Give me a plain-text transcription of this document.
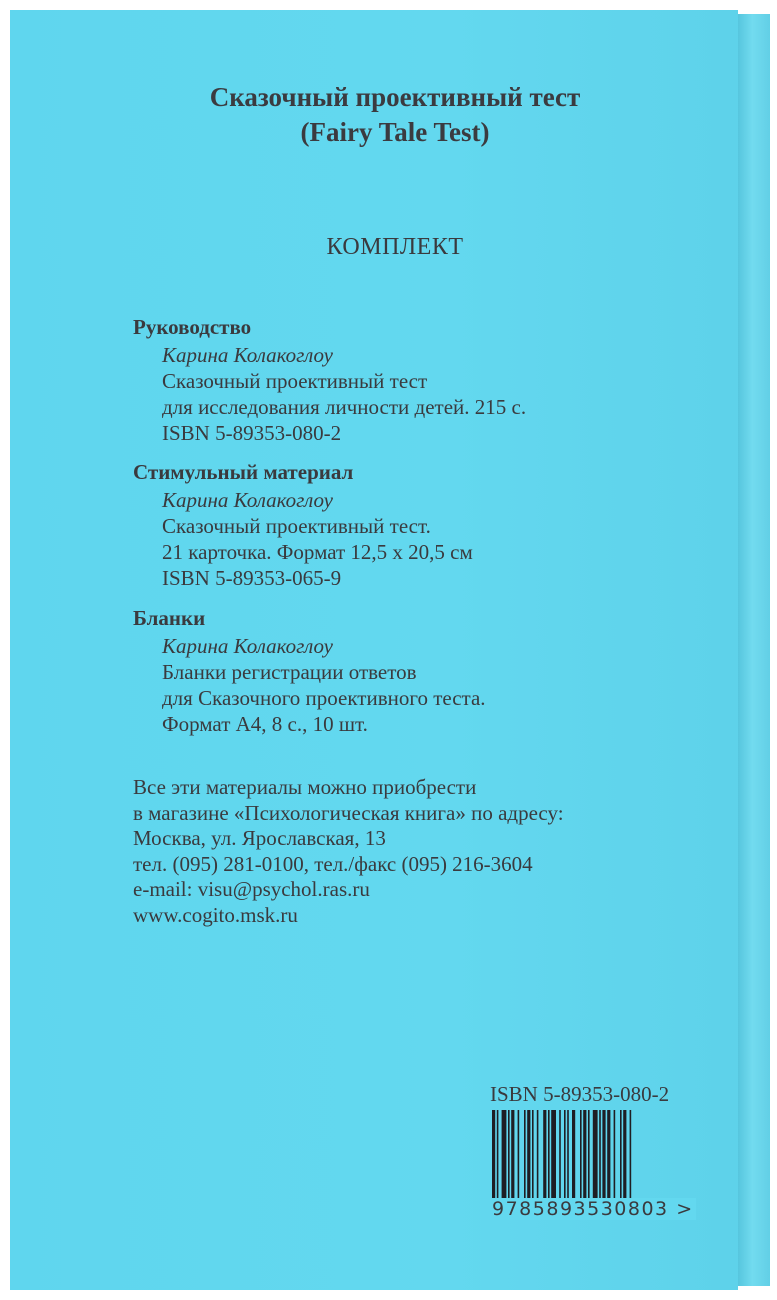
Сказочный проективный тест
(Fairy Tale Test)
КОМПЛЕКТ
Руководство
Карина Колакоглоу
Сказочный проективный тест
для исследования личности детей. 215 с.
ISBN 5-89353-080-2
Стимульный материал
Карина Колакоглоу
Сказочный проективный тест.
21 карточка. Формат 12,5 х 20,5 см
ISBN 5-89353-065-9
Бланки
Карина Колакоглоу
Бланки регистрации ответов
для Сказочного проективного теста.
Формат А4, 8 с., 10 шт.
Все эти материалы можно приобрести
в магазине «Психологическая книга» по адресу:
Москва, ул. Ярославская, 13
тел. (095) 281-0100, тел./факс (095) 216-3604
e-mail: visu@psychol.ras.ru
www.cogito.msk.ru
ISBN 5-89353-080-2
9785893530803 >
